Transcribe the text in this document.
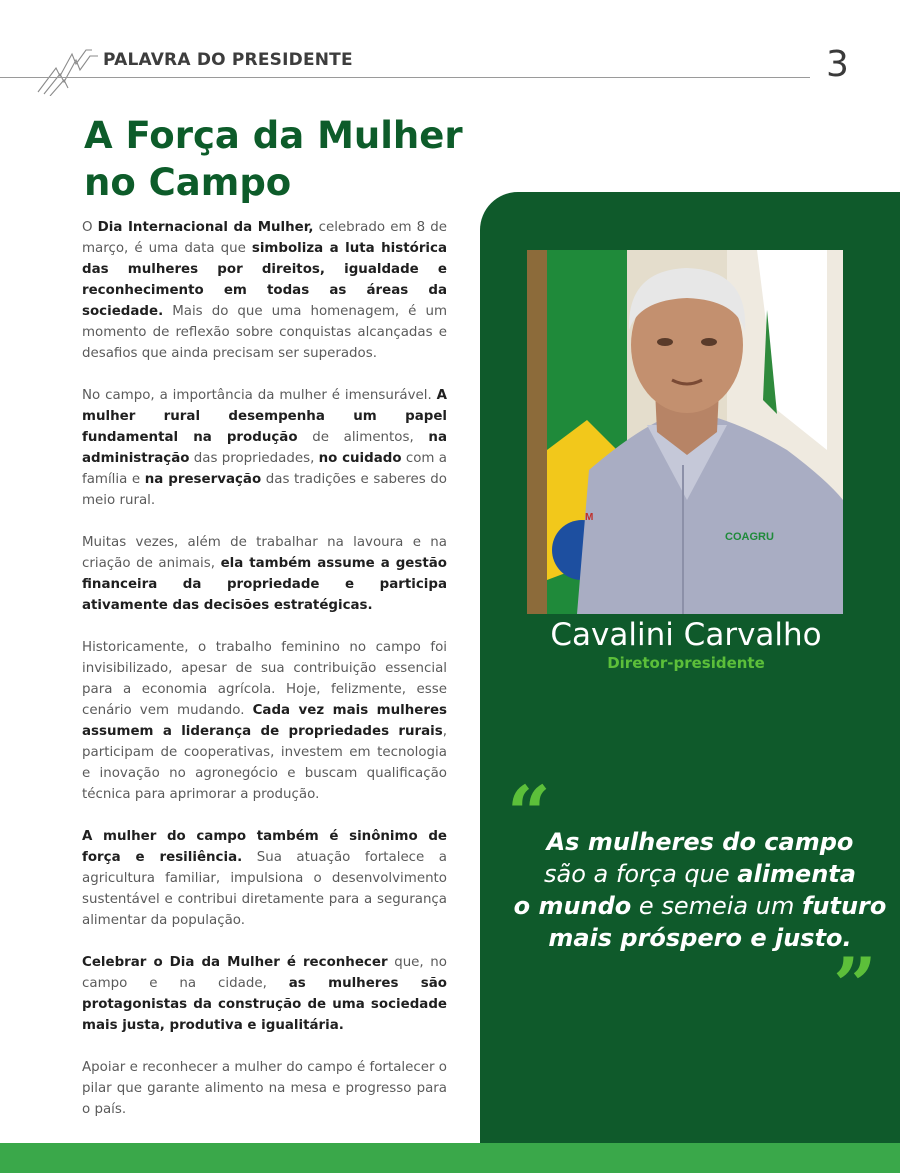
PALAVRA DO PRESIDENTE	3
A Força da Mulher
no Campo

O Dia Internacional da Mulher, celebrado em 8 de março, é uma data que simboliza a luta histórica das mulheres por direitos, igualdade e reconhecimento em todas as áreas da sociedade. Mais do que uma homenagem, é um momento de reflexão sobre conquistas alcançadas e desafios que ainda precisam ser superados.

No campo, a importância da mulher é imensurável. A mulher rural desempenha um papel fundamental na produção de alimentos, na administração das propriedades, no cuidado com a família e na preservação das tradições e saberes do meio rural.

Muitas vezes, além de trabalhar na lavoura e na criação de animais, ela também assume a gestão financeira da propriedade e participa ativamente das decisões estratégicas.

Historicamente, o trabalho feminino no campo foi invisibilizado, apesar de sua contribuição essencial para a economia agrícola. Hoje, felizmente, esse cenário vem mudando. Cada vez mais mulheres assumem a liderança de propriedades rurais, participam de cooperativas, investem em tecnologia e inovação no agronegócio e buscam qualificação técnica para aprimorar a produção.

A mulher do campo também é sinônimo de força e resiliência. Sua atuação fortalece a agricultura familiar, impulsiona o desenvolvimento sustentável e contribui diretamente para a segurança alimentar da população.

Celebrar o Dia da Mulher é reconhecer que, no campo e na cidade, as mulheres são protagonistas da construção de uma sociedade mais justa, produtiva e igualitária.

Apoiar e reconhecer a mulher do campo é fortalecer o pilar que garante alimento na mesa e progresso para o país.

COAGRU
M
Cavalini Carvalho
Diretor-presidente
“
As mulheres do campo
são a força que alimenta
o mundo e semeia um futuro
mais próspero e justo.
”
